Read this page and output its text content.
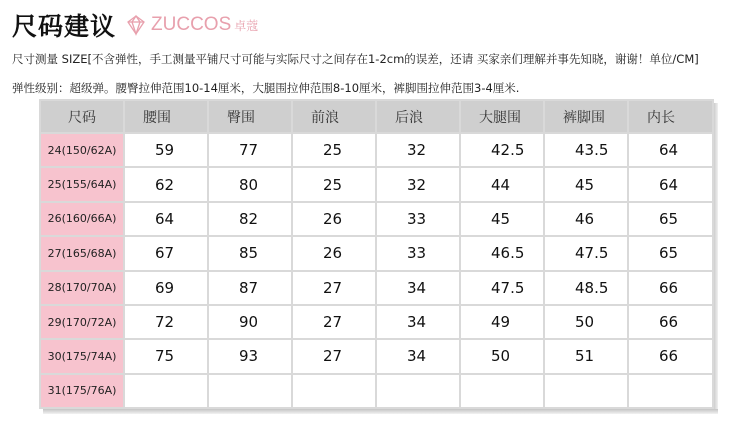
尺码建议 ZUCCOS 卓蔻
尺寸测量 SIZE[不含弹性，手工测量平铺尺寸可能与实际尺寸之间存在1-2cm的误差，还请 买家亲们理解并事先知晓，谢谢！单位/CM]
弹性级别：超级弹。腰臀拉伸范围10-14厘米，大腿围拉伸范围8-10厘米，裤脚围拉伸范围3-4厘米.
尺码	腰围	臀围	前浪	后浪	大腿围	裤脚围	内长
24(150/62A)	59	77	25	32	42.5	43.5	64
25(155/64A)	62	80	25	32	44	45	64
26(160/66A)	64	82	26	33	45	46	65
27(165/68A)	67	85	26	33	46.5	47.5	65
28(170/70A)	69	87	27	34	47.5	48.5	66
29(170/72A)	72	90	27	34	49	50	66
30(175/74A)	75	93	27	34	50	51	66
31(175/76A)							
